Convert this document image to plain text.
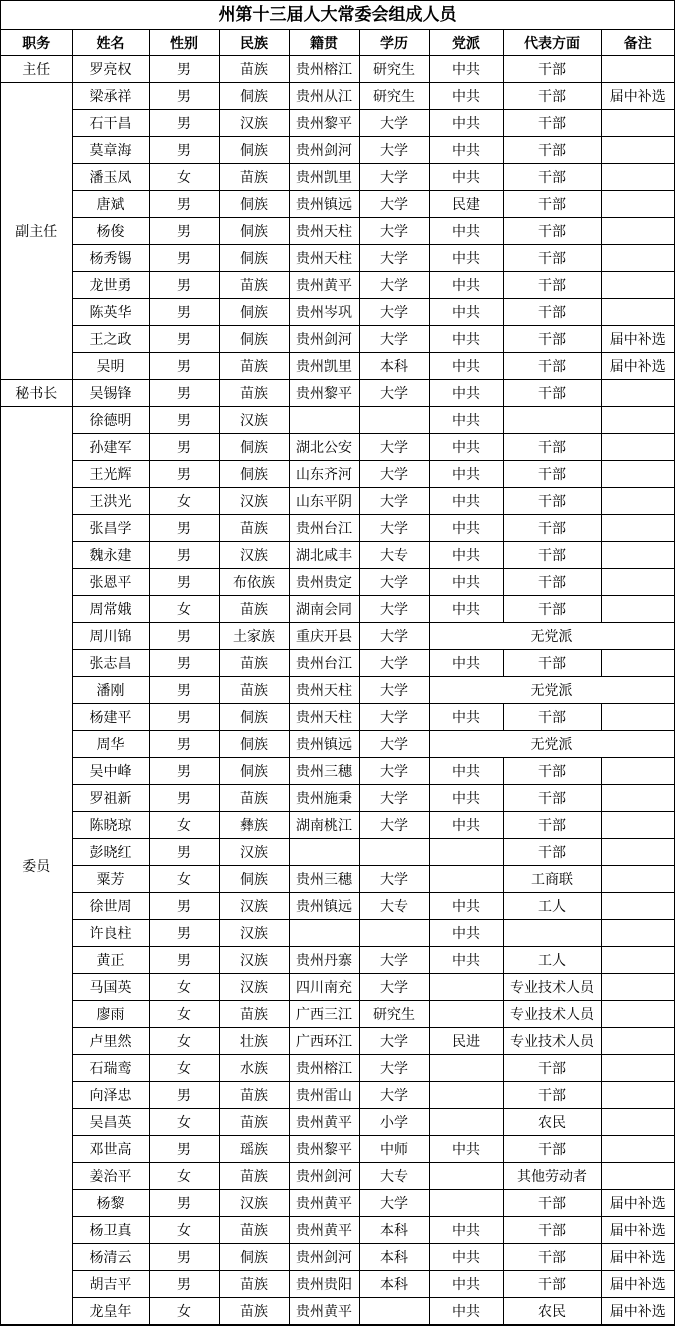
州第十三届人大常委会组成人员
职务	姓名	性别	民族	籍贯	学历	党派	代表方面	备注	
主任	罗亮权	男	苗族	贵州榕江	研究生	中共	干部		
副主任	梁承祥	男	侗族	贵州从江	研究生	中共	干部	届中补选	
	石干昌	男	汉族	贵州黎平	大学	中共	干部		
	莫章海	男	侗族	贵州剑河	大学	中共	干部		
	潘玉凤	女	苗族	贵州凯里	大学	中共	干部		
	唐斌	男	侗族	贵州镇远	大学	民建	干部		
	杨俊	男	侗族	贵州天柱	大学	中共	干部		
	杨秀锡	男	侗族	贵州天柱	大学	中共	干部		
	龙世勇	男	苗族	贵州黄平	大学	中共	干部		
	陈英华	男	侗族	贵州岑巩	大学	中共	干部		
	王之政	男	侗族	贵州剑河	大学	中共	干部	届中补选	
	吴明	男	苗族	贵州凯里	本科	中共	干部	届中补选	
秘书长	吴锡锋	男	苗族	贵州黎平	大学	中共	干部		
委员	徐德明	男	汉族			中共			
	孙建军	男	侗族	湖北公安	大学	中共	干部		
	王光辉	男	侗族	山东齐河	大学	中共	干部		
	王洪光	女	汉族	山东平阴	大学	中共	干部		
	张昌学	男	苗族	贵州台江	大学	中共	干部		
	魏永建	男	汉族	湖北咸丰	大专	中共	干部		
	张恩平	男	布依族	贵州贵定	大学	中共	干部		
	周常娥	女	苗族	湖南会同	大学	中共	干部		
	周川锦	男	土家族	重庆开县	大学	无党派			
	张志昌	男	苗族	贵州台江	大学	中共	干部		
	潘刚	男	苗族	贵州天柱	大学	无党派			
	杨建平	男	侗族	贵州天柱	大学	中共	干部		
	周华	男	侗族	贵州镇远	大学	无党派			
	吴中峰	男	侗族	贵州三穗	大学	中共	干部		
	罗祖新	男	苗族	贵州施秉	大学	中共	干部		
	陈晓琼	女	彝族	湖南桃江	大学	中共	干部		
	彭晓红	男	汉族				干部		
	粟芳	女	侗族	贵州三穗	大学		工商联		
	徐世周	男	汉族	贵州镇远	大专	中共	工人		
	许良柱	男	汉族			中共			
	黄正	男	汉族	贵州丹寨	大学	中共	工人		
	马国英	女	汉族	四川南充	大学		专业技术人员		
	廖雨	女	苗族	广西三江	研究生		专业技术人员		
	卢里然	女	壮族	广西环江	大学	民进	专业技术人员		
	石瑞鸾	女	水族	贵州榕江	大学		干部		
	向泽忠	男	苗族	贵州雷山	大学		干部		
	吴昌英	女	苗族	贵州黄平	小学		农民		
	邓世高	男	瑶族	贵州黎平	中师	中共	干部		
	姜治平	女	苗族	贵州剑河	大专		其他劳动者		
	杨黎	男	汉族	贵州黄平	大学		干部	届中补选	
	杨卫真	女	苗族	贵州黄平	本科	中共	干部	届中补选	
	杨清云	男	侗族	贵州剑河	本科	中共	干部	届中补选	
	胡吉平	男	苗族	贵州贵阳	本科	中共	干部	届中补选	
	龙皇年	女	苗族	贵州黄平		中共	农民	届中补选	
